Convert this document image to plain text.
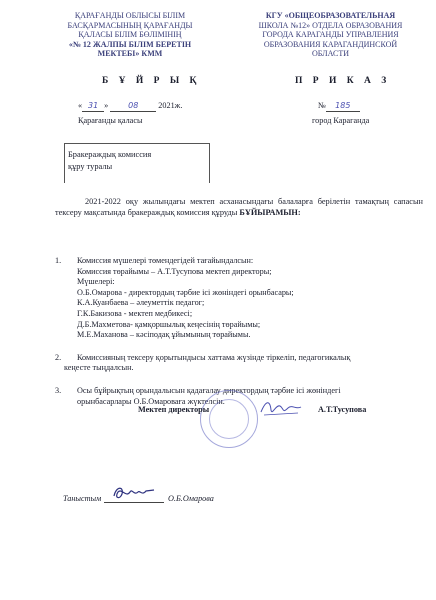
ҚАРАҒАНДЫ ОБЛЫСЫ БІЛІМ
БАСҚАРМАСЫНЫҢ ҚАРАҒАНДЫ
ҚАЛАСЫ БІЛІМ БӨЛІМІНІҢ
«№ 12 ЖАЛПЫ БІЛІМ БЕРЕТІН
МЕКТЕБІ» КММ
КГУ «ОБЩЕОБРАЗОВАТЕЛЬНАЯ
ШКОЛА №12» ОТДЕЛА ОБРАЗОВАНИЯ
ГОРОДА КАРАГАНДЫ УПРАВЛЕНИЯ
ОБРАЗОВАНИЯ КАРАГАНДИНСКОЙ
ОБЛАСТИ
Б Ұ Й Р Ы Қ	П Р И К А З
« 31 » 08 2021ж.	№ 185
Қарағанды қаласы	город Караганда
Бракераждық комиссия
құру туралы
2021-2022 оқу жылындағы мектеп асханасындағы балаларға берілетін тамақтың сапасын тексеру мақсатында бракераждық комиссия құруды БҰЙЫРАМЫН:
1. Комиссия мүшелері төмендегідей тағайындалсын:
Комиссия төрайымы – А.Т.Тусупова мектеп директоры;
Мүшелері:
О.Б.Омарова - директордың тәрбие ісі жөніндегі орынбасары;
К.А.Куанбаева – әлеуметтік педагог;
Г.К.Бакизова - мектеп медбикесі;
Д.Б.Махметова- қамқоршылық кеңесінің төрайымы;
М.Е.Маханова – кәсіподақ ұйымының төрайымы.
2. Комиссияның тексеру қорытындысы хаттама жүзінде тіркеліп, педагогикалық
кеңесте тыңдалсын.
3. Осы бұйрықтың орындалысын қадағалау директордың тәрбие ісі жөніндегі
орынбасарлары О.Б.Омароваға жүктелсін.
Мектеп директоры	А.Т.Тусупова
Таныстым	О.Б.Омарова
